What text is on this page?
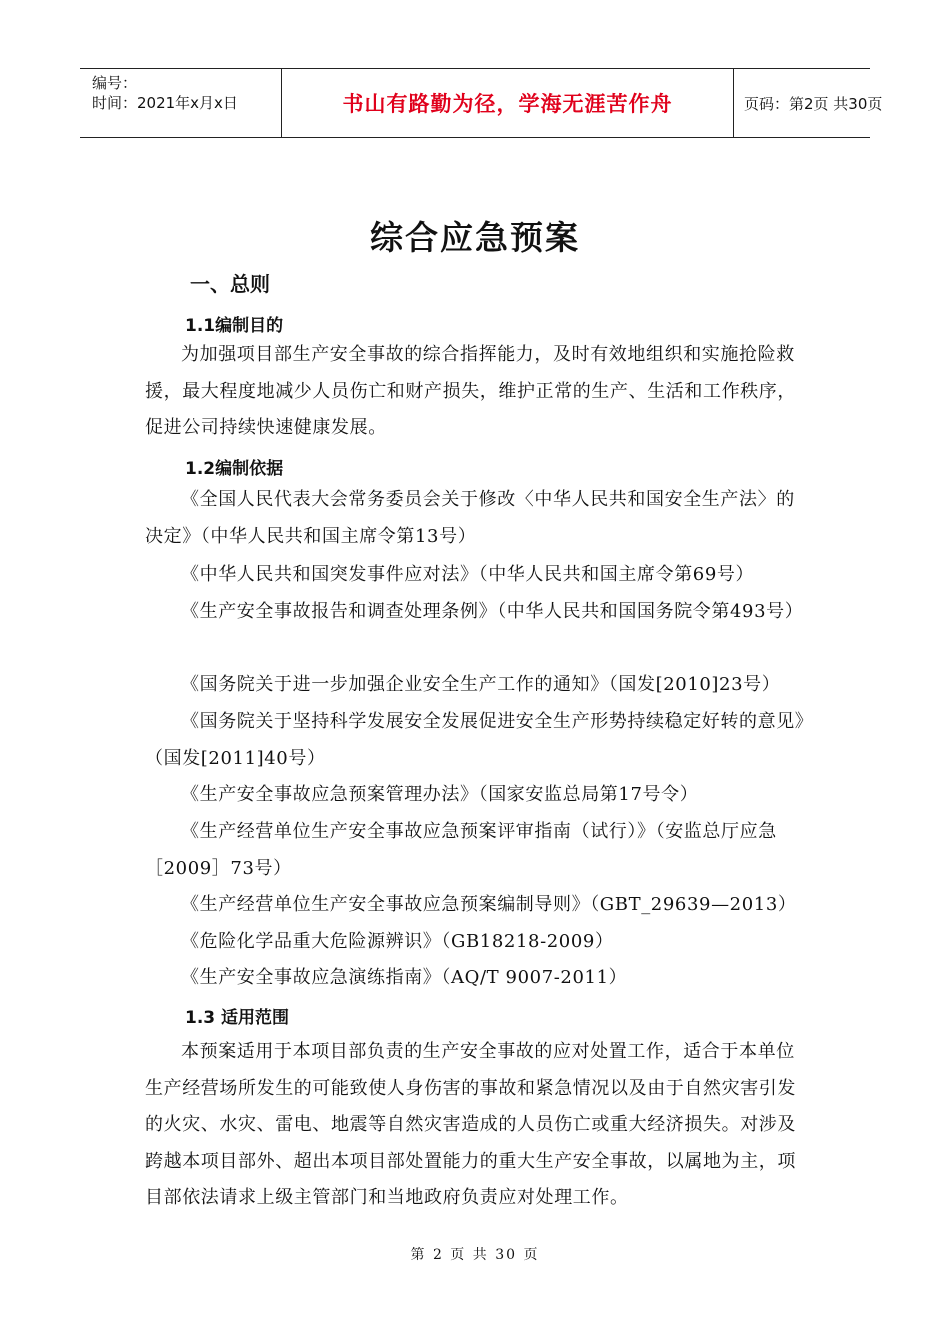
编号：
时间：2021年x月x日	书山有路勤为径，学海无涯苦作舟	页码：第2页 共30页
综合应急预案
一、总则
1.1编制目的

为加强项目部生产安全事故的综合指挥能力，及时有效地组织和实施抢险救援，最大程度地减少人员伤亡和财产损失，维护正常的生产、生活和工作秩序，促进公司持续快速健康发展。

1.2编制依据

《全国人民代表大会常务委员会关于修改〈中华人民共和国安全生产法〉的决定》（中华人民共和国主席令第13号）

《中华人民共和国突发事件应对法》（中华人民共和国主席令第69号）

《生产安全事故报告和调查处理条例》（中华人民共和国国务院令第493号）

《国务院关于进一步加强企业安全生产工作的通知》（国发[2010]23号）

《国务院关于坚持科学发展安全发展促进安全生产形势持续稳定好转的意见》（国发[2011]40号）

《生产安全事故应急预案管理办法》（国家安监总局第17号令）

《生产经营单位生产安全事故应急预案评审指南（试行）》（安监总厅应急［2009］73号）

《生产经营单位生产安全事故应急预案编制导则》（GBT_29639—2013）

《危险化学品重大危险源辨识》（GB18218-2009）

《生产安全事故应急演练指南》（AQ/T 9007-2011）

1.3 适用范围

本预案适用于本项目部负责的生产安全事故的应对处置工作，适合于本单位生产经营场所发生的可能致使人身伤害的事故和紧急情况以及由于自然灾害引发的火灾、水灾、雷电、地震等自然灾害造成的人员伤亡或重大经济损失。对涉及跨越本项目部外、超出本项目部处置能力的重大生产安全事故，以属地为主，项目部依法请求上级主管部门和当地政府负责应对处理工作。

第 2 页 共 30 页
